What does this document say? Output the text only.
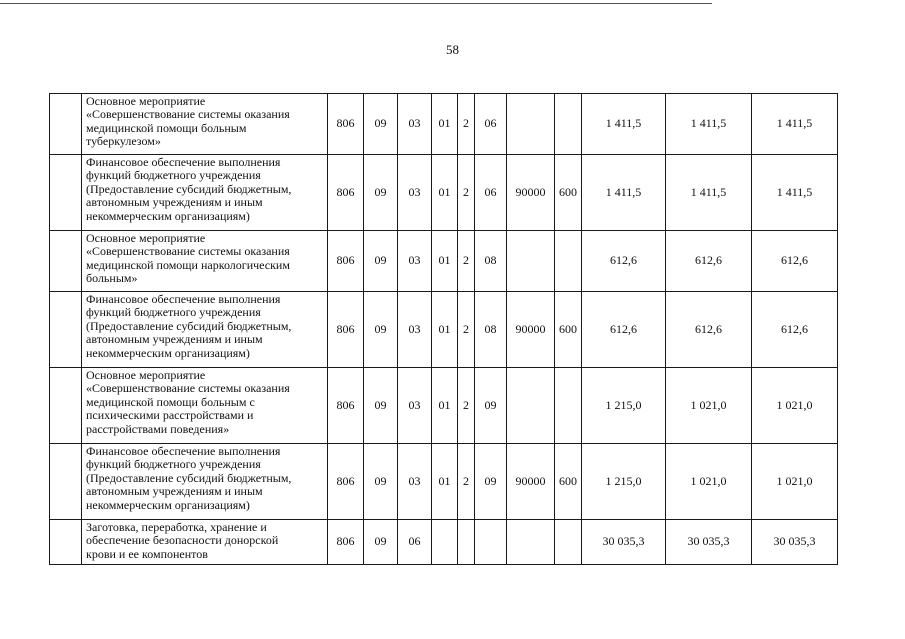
58

	Основное мероприятие
«Совершенствование системы оказания
медицинской помощи больным
туберкулезом»	806	09	03	01	2	06			1 411,5	1 411,5	1 411,5

	Финансовое обеспечение выполнения
функций бюджетного учреждения
(Предоставление субсидий бюджетным,
автономным учреждениям и иным
некоммерческим организациям)	806	09	03	01	2	06	90000	600	1 411,5	1 411,5	1 411,5

	Основное мероприятие
«Совершенствование системы оказания
медицинской помощи наркологическим
больным»	806	09	03	01	2	08			612,6	612,6	612,6

	Финансовое обеспечение выполнения
функций бюджетного учреждения
(Предоставление субсидий бюджетным,
автономным учреждениям и иным
некоммерческим организациям)	806	09	03	01	2	08	90000	600	612,6	612,6	612,6

	Основное мероприятие
«Совершенствование системы оказания
медицинской помощи больным с
психическими расстройствами и
расстройствами поведения»	806	09	03	01	2	09			1 215,0	1 021,0	1 021,0

	Финансовое обеспечение выполнения
функций бюджетного учреждения
(Предоставление субсидий бюджетным,
автономным учреждениям и иным
некоммерческим организациям)	806	09	03	01	2	09	90000	600	1 215,0	1 021,0	1 021,0

	Заготовка, переработка, хранение и
обеспечение безопасности донорской
крови и ее компонентов	806	09	06						30 035,3	30 035,3	30 035,3
